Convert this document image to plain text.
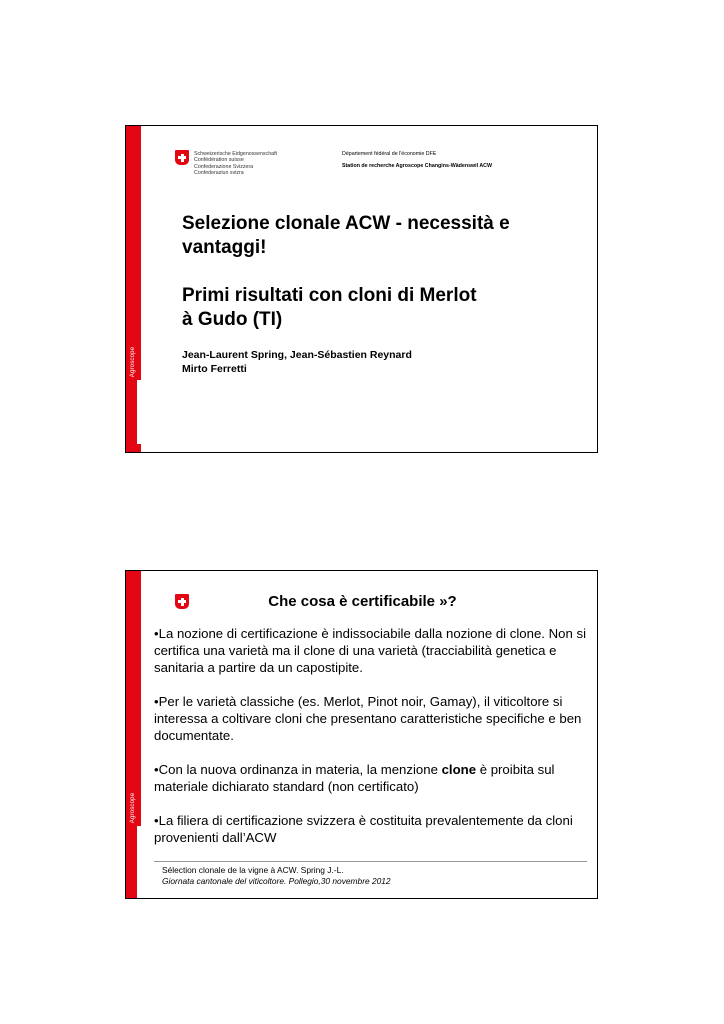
Agroscope
Schweizerische Eidgenossenschaft
Confédération suisse
Confederazione Svizzera
Confederaziun svizra
Département fédéral de l'économie DFE
Station de recherche Agroscope Changins-Wädenswil ACW
Selezione clonale ACW - necessità e
vantaggi!
Primi risultati con cloni di Merlot
à Gudo (TI)
Jean-Laurent Spring, Jean-Sébastien Reynard
Mirto Ferretti
Agroscope
Che cosa è certificabile »?

•La nozione di certificazione è indissociabile dalla nozione di clone. Non si certifica una varietà ma il clone di una varietà (tracciabilità genetica e sanitaria a partire da un capostipite.

•Per le varietà classiche (es. Merlot, Pinot noir, Gamay), il viticoltore si interessa a coltivare cloni che presentano caratteristiche specifiche e ben documentate.

•Con la nuova ordinanza in materia, la menzione clone è proibita sul materiale dichiarato standard (non certificato)

•La filiera di certificazione svizzera è costituita prevalentemente da cloni provenienti dall’ACW

Sélection clonale de la vigne à ACW. Spring J.-L.
Giornata cantonale del viticoltore. Pollegio,30 novembre 2012
